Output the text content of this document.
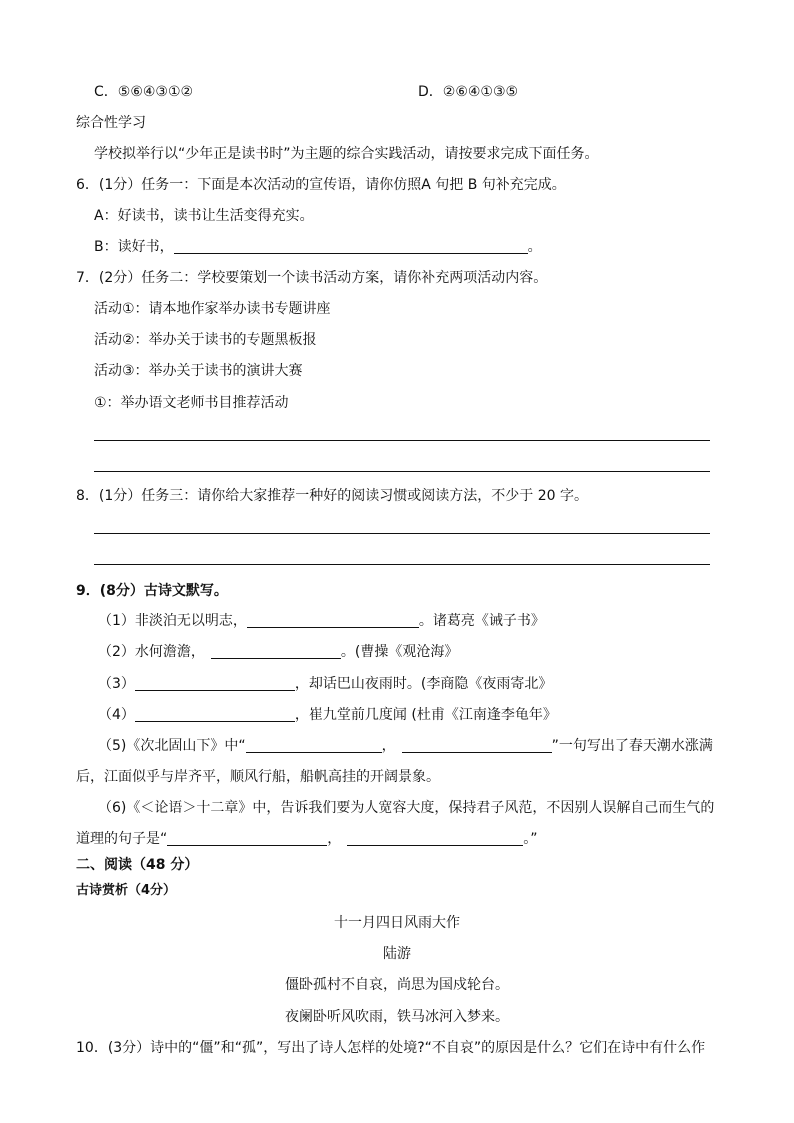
C．⑤⑥④③①②	D．②⑥④①③⑤
综合性学习
学校拟举行以“少年正是读书时”为主题的综合实践活动，请按要求完成下面任务。
6．(1分）任务一：下面是本次活动的宣传语，请你仿照A 句把 B 句补充完成。
A：好读书，读书让生活变得充实。
B：读好书，	。
7．(2分）任务二：学校要策划一个读书活动方案，请你补充两项活动内容。
活动①：请本地作家举办读书专题讲座
活动②：举办关于读书的专题黑板报
活动③：举办关于读书的演讲大赛
①：举办语文老师书目推荐活动
8．(1分）任务三：请你给大家推荐一种好的阅读习惯或阅读方法，不少于 20 字。
9．(8分）古诗文默写。
（1）非淡泊无以明志，	。诸葛亮《诫子书》
（2）水何澹澹，	。(曹操《观沧海》
（3）	，却话巴山夜雨时。(李商隐《夜雨寄北》
（4）	，崔九堂前几度闻 (杜甫《江南逢李龟年》
（5)《次北固山下》中“	，	”一句写出了春天潮水涨满
后，江面似乎与岸齐平，顺风行船，船帆高挂的开阔景象。
（6)《＜论语＞十二章》中，告诉我们要为人宽容大度，保持君子风范，不因别人误解自己而生气的
道理的句子是“	，	。”
二、阅读（48 分）
古诗赏析（4分）
十一月四日风雨大作
陆游
僵卧孤村不自哀，尚思为国戍轮台。
夜阑卧听风吹雨，铁马冰河入梦来。
10．(3分）诗中的“僵”和“孤”，写出了诗人怎样的处境?“不自哀”的原因是什么？它们在诗中有什么作
